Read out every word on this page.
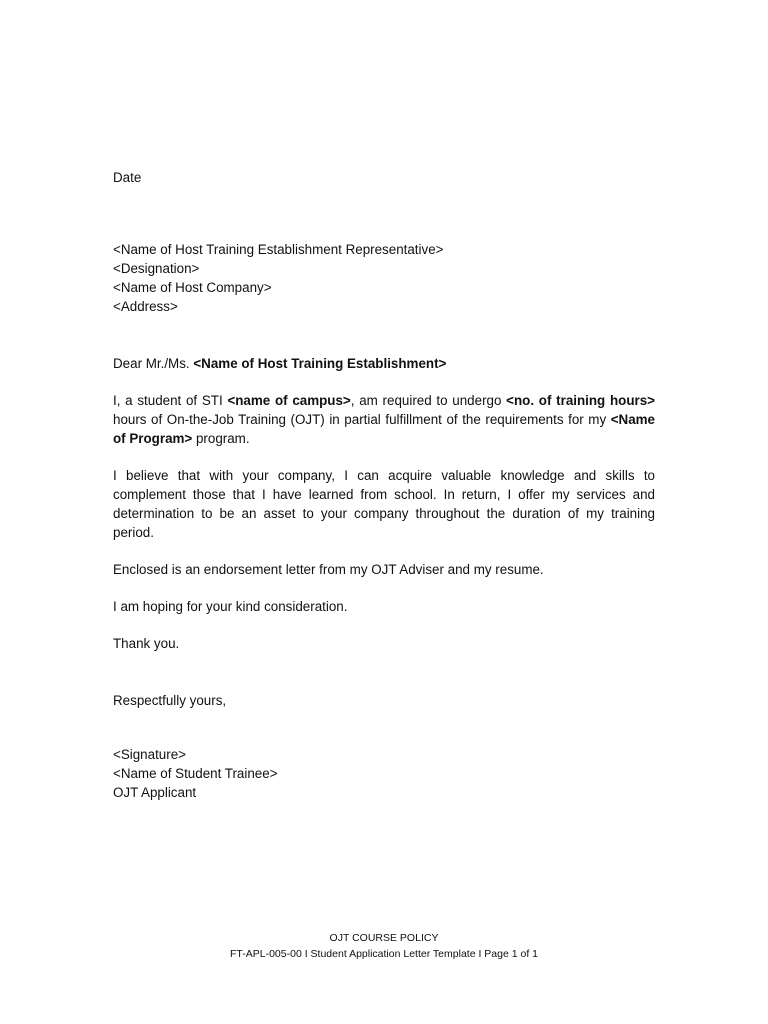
Date
<Name of Host Training Establishment Representative>
<Designation>
<Name of Host Company>
<Address>

Dear Mr./Ms. <Name of Host Training Establishment>

I, a student of STI <name of campus>, am required to undergo <no. of training hours> hours of On-the-Job Training (OJT) in partial fulfillment of the requirements for my <Name of Program> program.

I believe that with your company, I can acquire valuable knowledge and skills to complement those that I have learned from school. In return, I offer my services and determination to be an asset to your company throughout the duration of my training period.

Enclosed is an endorsement letter from my OJT Adviser and my resume.

I am hoping for your kind consideration.

Thank you.

Respectfully yours,
<Signature>
<Name of Student Trainee>
OJT Applicant
OJT COURSE POLICY
FT-APL-005-00 I Student Application Letter Template I Page 1 of 1
